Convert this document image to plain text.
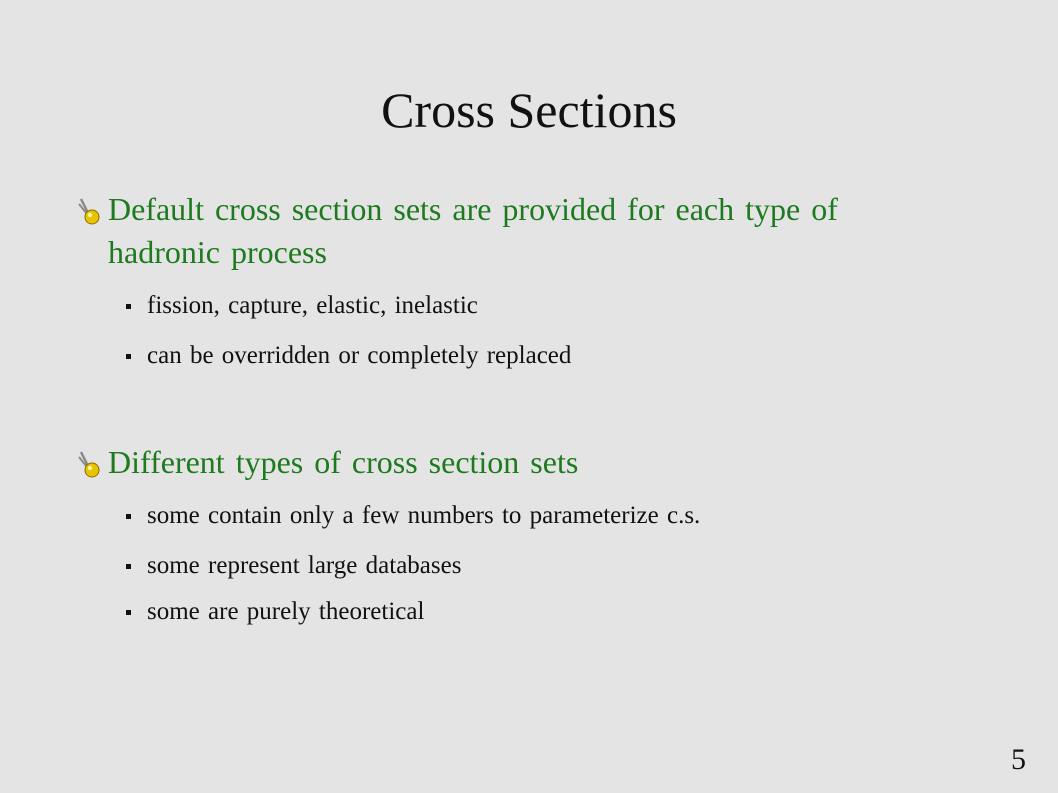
Cross Sections
Default cross section sets are provided for each type of hadronic process
fission, capture, elastic, inelastic
can be overridden or completely replaced
Different types of cross section sets
some contain only a few numbers to parameterize c.s.
some represent large databases
some are purely theoretical
5
